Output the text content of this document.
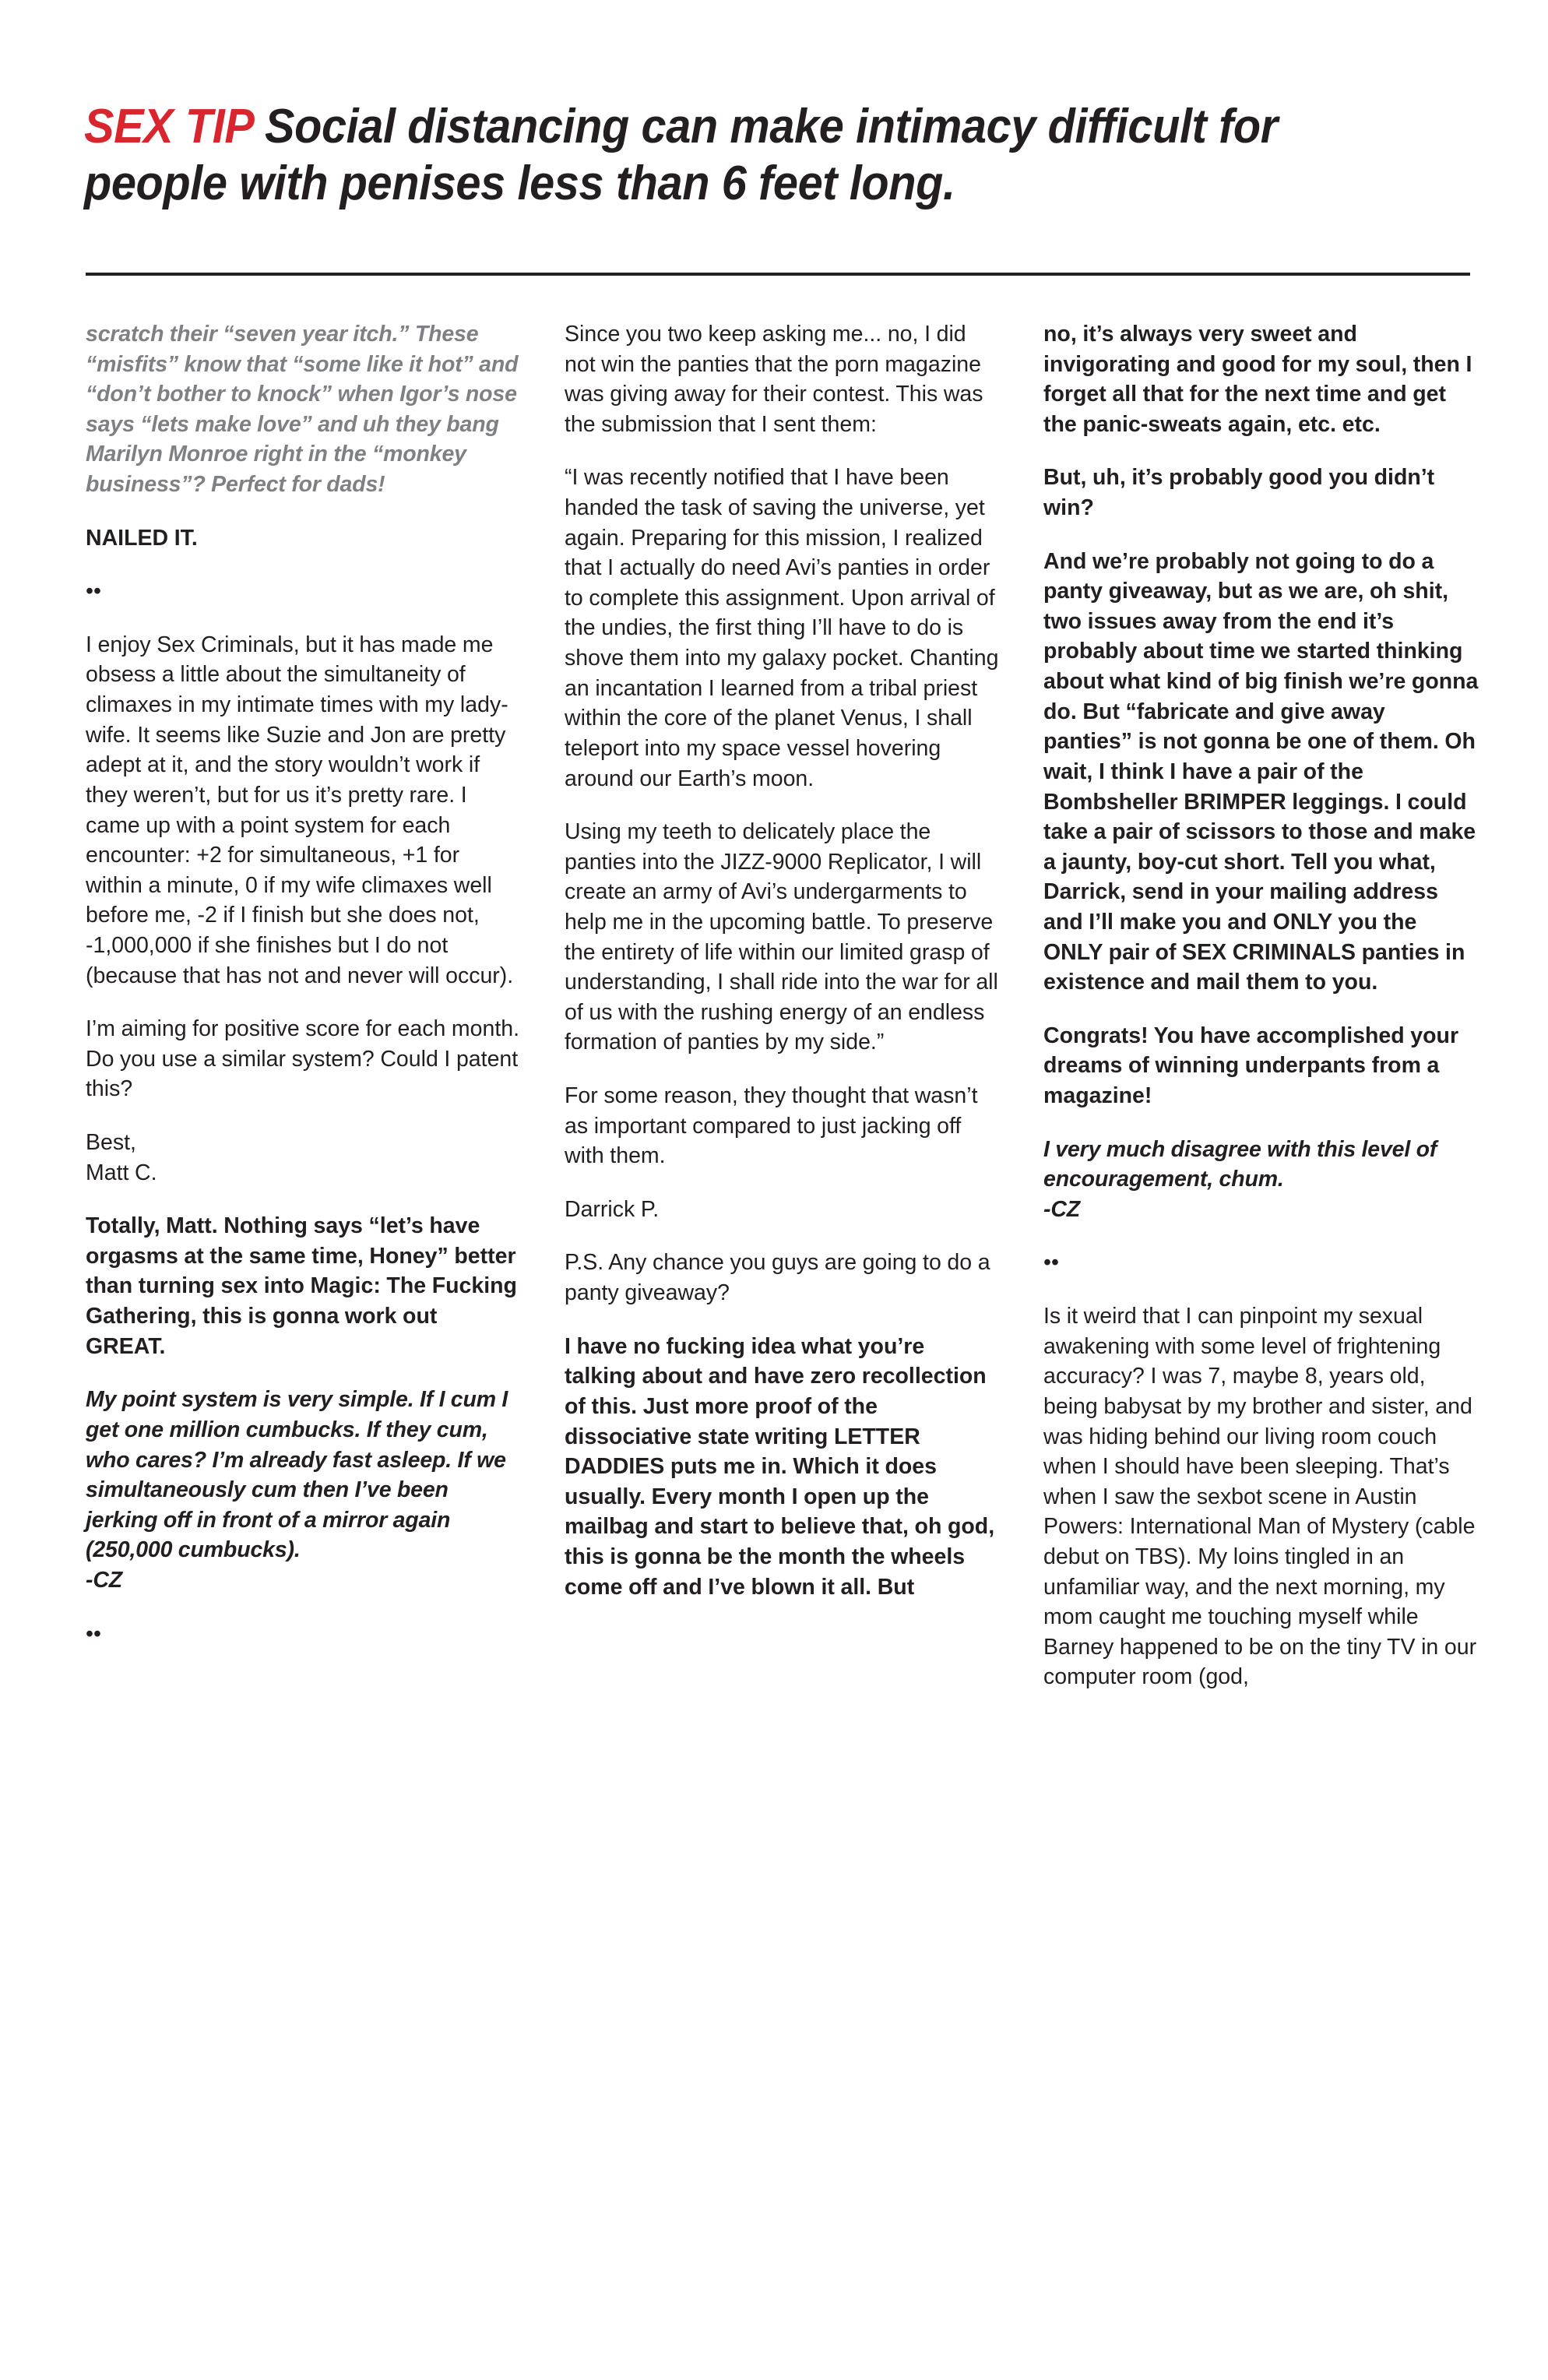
SEX TIP Social distancing can make intimacy difficult for people with penises less than 6 feet long.

scratch their “seven year itch.” These “misfits” know that “some like it hot” and “don’t bother to knock” when Igor’s nose says “lets make love” and uh they bang Marilyn Monroe right in the “monkey business”? Perfect for dads!

NAILED IT.

• •

I enjoy Sex Criminals, but it has made me obsess a little about the simultaneity of climaxes in my intimate times with my lady-wife. It seems like Suzie and Jon are pretty adept at it, and the story wouldn’t work if they weren’t, but for us it’s pretty rare. I came up with a point system for each encounter: +2 for simultaneous, +1 for within a minute, 0 if my wife climaxes well before me, -2 if I finish but she does not, -1,000,000 if she finishes but I do not (because that has not and never will occur).

I’m aiming for positive score for each month. Do you use a similar system? Could I patent this?

Best,
Matt C.

Totally, Matt. Nothing says “let’s have orgasms at the same time, Honey” better than turning sex into Magic: The Fucking Gathering, this is gonna work out GREAT.

My point system is very simple. If I cum I get one million cumbucks. If they cum, who cares? I’m already fast asleep. If we simultaneously cum then I’ve been jerking off in front of a mirror again (250,000 cumbucks).
-CZ

• •

Since you two keep asking me... no, I did not win the panties that the porn magazine was giving away for their contest. This was the submission that I sent them:

“I was recently notified that I have been handed the task of saving the universe, yet again. Preparing for this mission, I realized that I actually do need Avi’s panties in order to complete this assignment. Upon arrival of the undies, the first thing I’ll have to do is shove them into my galaxy pocket. Chanting an incantation I learned from a tribal priest within the core of the planet Venus, I shall teleport into my space vessel hovering around our Earth’s moon.

Using my teeth to delicately place the panties into the JIZZ-9000 Replicator, I will create an army of Avi’s undergarments to help me in the upcoming battle. To preserve the entirety of life within our limited grasp of understanding, I shall ride into the war for all of us with the rushing energy of an endless formation of panties by my side.”

For some reason, they thought that wasn’t as important compared to just jacking off with them.

Darrick P.

P.S. Any chance you guys are going to do a panty giveaway?

I have no fucking idea what you’re talking about and have zero recollection of this. Just more proof of the dissociative state writing LETTER DADDIES puts me in. Which it does usually. Every month I open up the mailbag and start to believe that, oh god, this is gonna be the month the wheels come off and I’ve blown it all. But

no, it’s always very sweet and invigorating and good for my soul, then I forget all that for the next time and get the panic-sweats again, etc. etc.

But, uh, it’s probably good you didn’t win?

And we’re probably not going to do a panty giveaway, but as we are, oh shit, two issues away from the end it’s probably about time we started thinking about what kind of big finish we’re gonna do. But “fabricate and give away panties” is not gonna be one of them. Oh wait, I think I have a pair of the Bombsheller BRIMPER leggings. I could take a pair of scissors to those and make a jaunty, boy-cut short. Tell you what, Darrick, send in your mailing address and I’ll make you and ONLY you the ONLY pair of SEX CRIMINALS panties in existence and mail them to you.

Congrats! You have accomplished your dreams of winning underpants from a magazine!

I very much disagree with this level of encouragement, chum.
-CZ

• •

Is it weird that I can pinpoint my sexual awakening with some level of frightening accuracy? I was 7, maybe 8, years old, being babysat by my brother and sister, and was hiding behind our living room couch when I should have been sleeping. That’s when I saw the sexbot scene in Austin Powers: International Man of Mystery (cable debut on TBS). My loins tingled in an unfamiliar way, and the next morning, my mom caught me touching myself while Barney happened to be on the tiny TV in our computer room (god,
